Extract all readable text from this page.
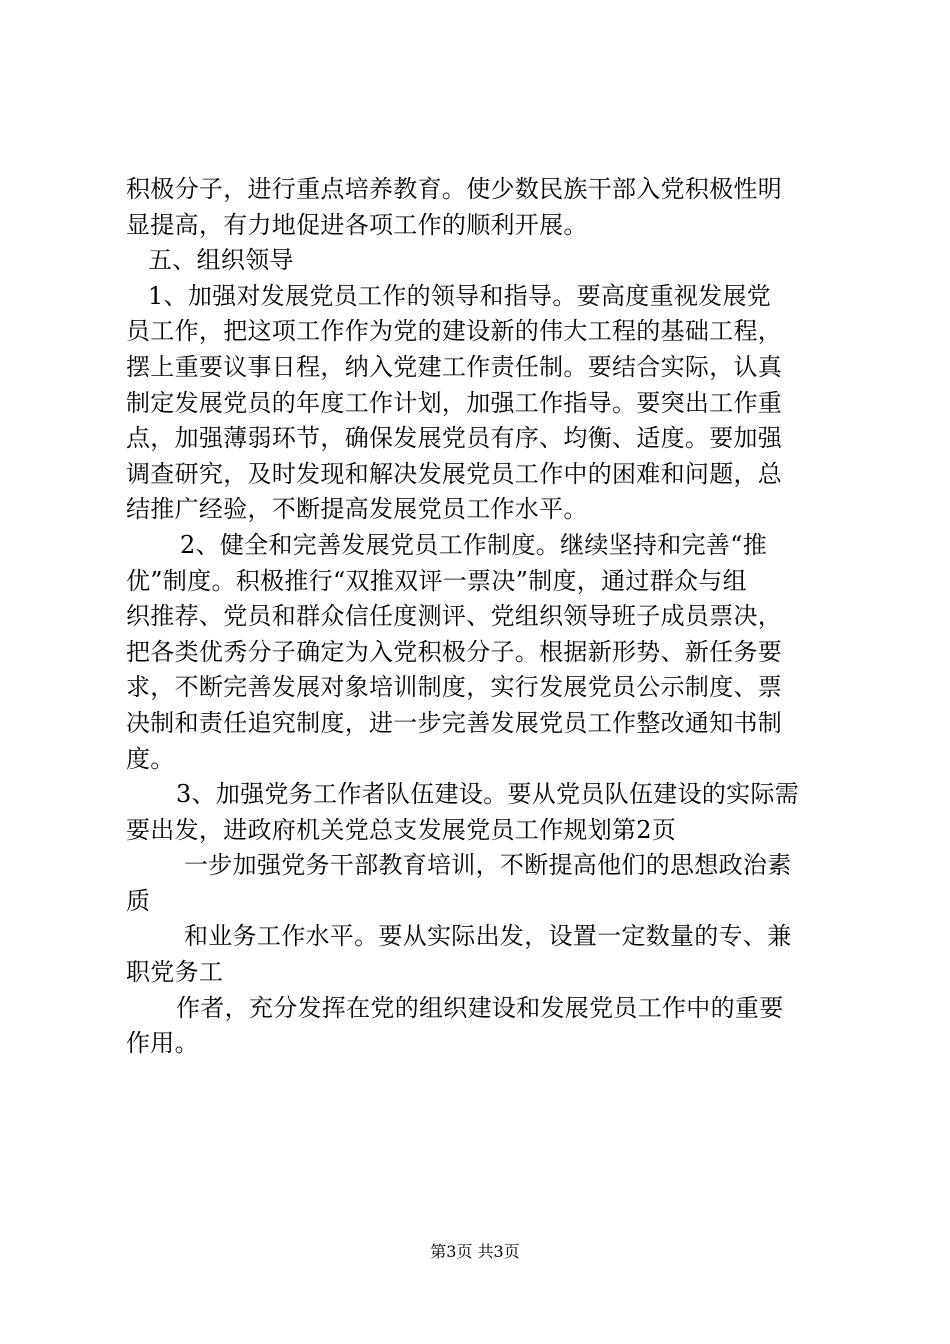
积极分子，进行重点培养教育。使少数民族干部入党积极性明
显提高，有力地促进各项工作的顺利开展。
五、组织领导
1、加强对发展党员工作的领导和指导。要高度重视发展党
员工作，把这项工作作为党的建设新的伟大工程的基础工程，
摆上重要议事日程，纳入党建工作责任制。要结合实际，认真
制定发展党员的年度工作计划，加强工作指导。要突出工作重
点，加强薄弱环节，确保发展党员有序、均衡、适度。要加强
调查研究，及时发现和解决发展党员工作中的困难和问题，总
结推广经验，不断提高发展党员工作水平。
2、健全和完善发展党员工作制度。继续坚持和完善“推
优”制度。积极推行“双推双评一票决”制度，通过群众与组
织推荐、党员和群众信任度测评、党组织领导班子成员票决，
把各类优秀分子确定为入党积极分子。根据新形势、新任务要
求，不断完善发展对象培训制度，实行发展党员公示制度、票
决制和责任追究制度，进一步完善发展党员工作整改通知书制
度。
3、加强党务工作者队伍建设。要从党员队伍建设的实际需
要出发，进政府机关党总支发展党员工作规划第2页
一步加强党务干部教育培训，不断提高他们的思想政治素
质
和业务工作水平。要从实际出发，设置一定数量的专、兼
职党务工
作者，充分发挥在党的组织建设和发展党员工作中的重要
作用。
第3页 共3页
